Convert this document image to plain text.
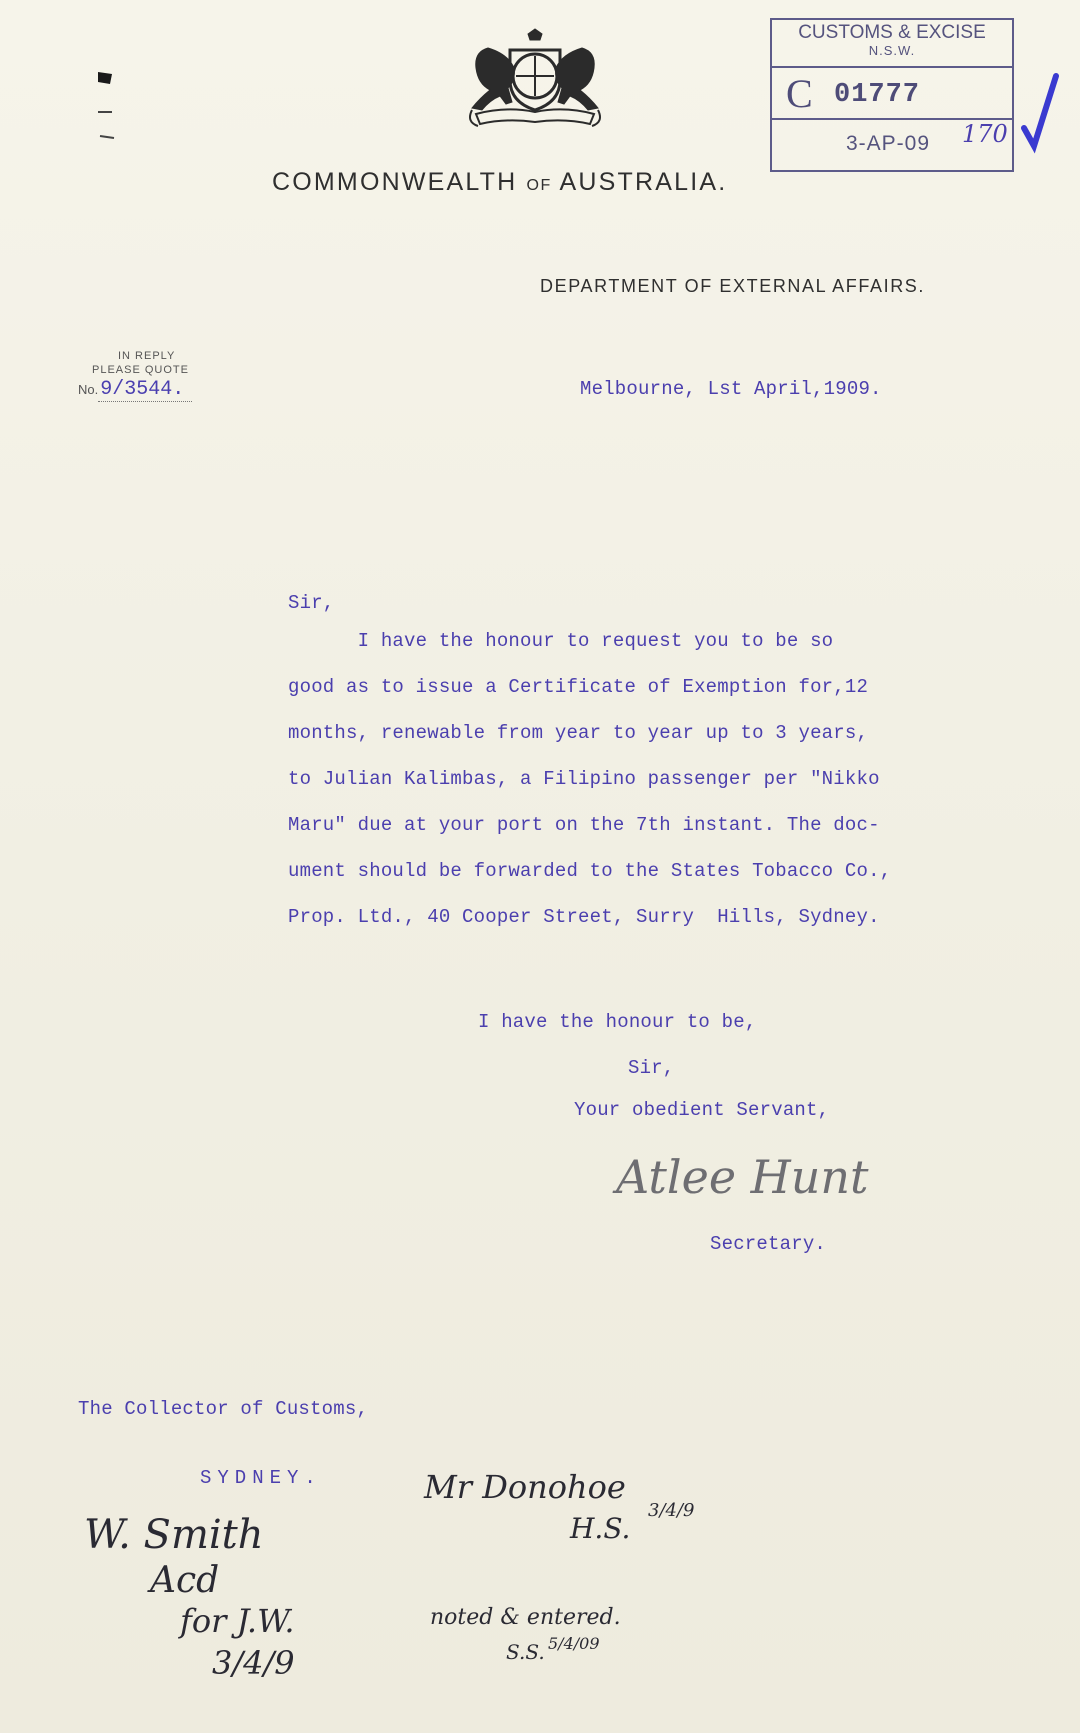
COMMONWEALTH OF AUSTRALIA.
DEPARTMENT OF EXTERNAL AFFAIRS.
CUSTOMS & EXCISE
N.S.W.
C 01777
3-AP-09 170
IN REPLY
PLEASE QUOTE
No. 9/3544.	Melbourne, Lst April,1909.
Sir,
I have the honour to request you to be so
good as to issue a Certificate of Exemption for,12
months, renewable from year to year up to 3 years,
to Julian Kalimbas, a Filipino passenger per "Nikko
Maru" due at your port on the 7th instant. The doc-
ument should be forwarded to the States Tobacco Co.,
Prop. Ltd., 40 Cooper Street, Surry  Hills, Sydney.
I have the honour to be,
Sir,
Your obedient Servant,
Atlee Hunt
Secretary.
The Collector of Customs,
SYDNEY.	Mr Donohoe
H.S.
3/4/9
noted & entered.
S.S. 5/4/09
W. Smith
Acd
for J.W.
3/4/9
